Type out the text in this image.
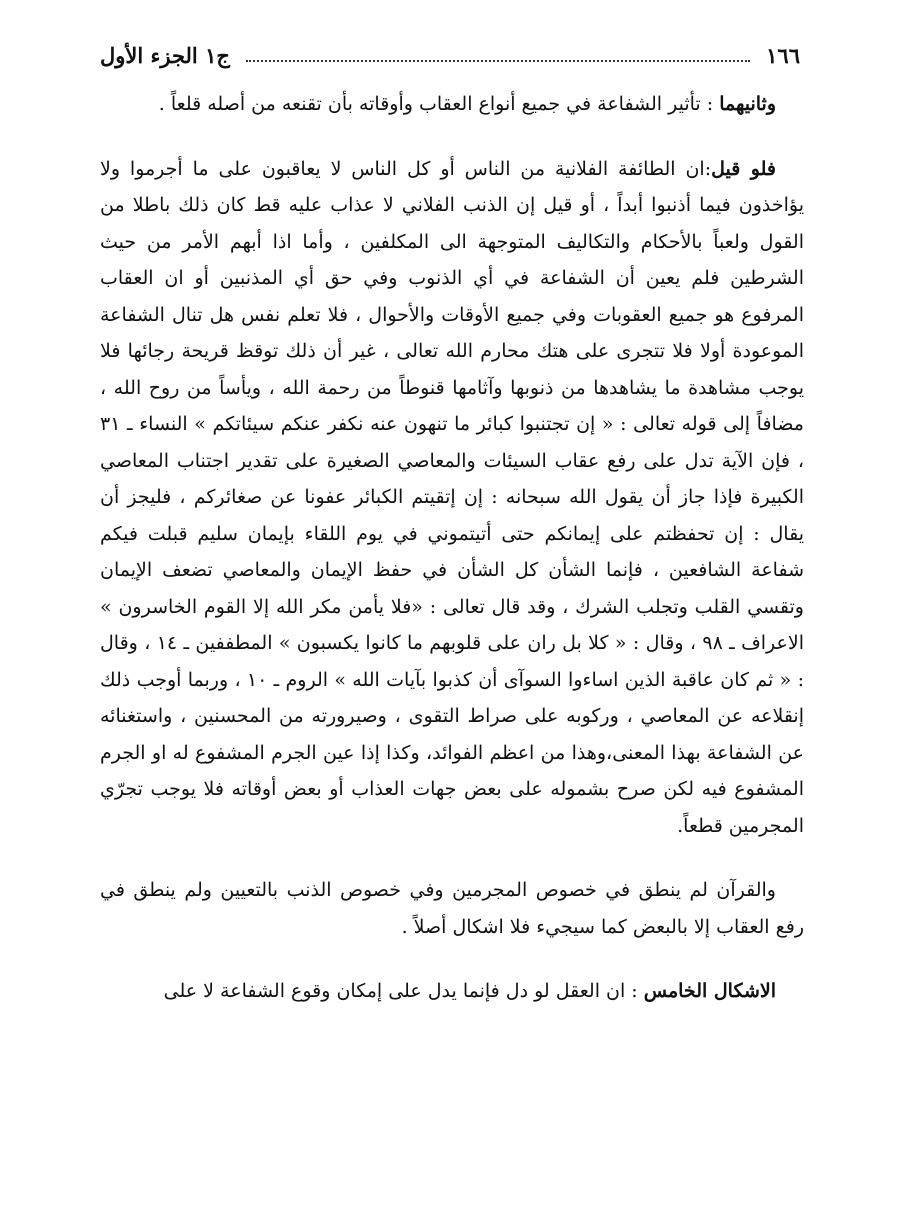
١٦٦
ج١ الجزء الأول

وثانيهما : تأثير الشفاعة في جميع أنواع العقاب وأوقاته بأن تقنعه من أصله قلعاً .

فلو قيل:ان الطائفة الفلانية من الناس أو كل الناس لا يعاقبون على ما أجرموا ولا يؤاخذون فيما أذنبوا أبداً ، أو قيل إن الذنب الفلاني لا عذاب عليه قط كان ذلك باطلا من القول ولعباً بالأحكام والتكاليف المتوجهة الى المكلفين ، وأما اذا أبهم الأمر من حيث الشرطين فلم يعين أن الشفاعة في أي الذنوب وفي حق أي المذنبين أو ان العقاب المرفوع هو جميع العقوبات وفي جميع الأوقات والأحوال ، فلا تعلم نفس هل تنال الشفاعة الموعودة أولا فلا تتجرى على هتك محارم الله تعالى ، غير أن ذلك توقظ قريحة رجائها فلا يوجب مشاهدة ما يشاهدها من ذنوبها وآثامها قنوطاً من رحمة الله ، ويأساً من روح الله ، مضافاً إلى قوله تعالى : « إن تجتنبوا كبائر ما تنهون عنه نكفر عنكم سيئاتكم » النساء ـ ٣١ ، فإن الآية تدل على رفع عقاب السيئات والمعاصي الصغيرة على تقدير اجتناب المعاصي الكبيرة فإذا جاز أن يقول الله سبحانه : إن إتقيتم الكبائر عفونا عن صغائركم ، فليجز أن يقال : إن تحفظتم على إيمانكم حتى أتيتموني في يوم اللقاء بإيمان سليم قبلت فيكم شفاعة الشافعين ، فإنما الشأن كل الشأن في حفظ الإيمان والمعاصي تضعف الإيمان وتقسي القلب وتجلب الشرك ، وقد قال تعالى : «فلا يأمن مكر الله إلا القوم الخاسرون » الاعراف ـ ٩٨ ، وقال : « كلا بل ران على قلوبهم ما كانوا يكسبون » المطففين ـ ١٤ ، وقال : « ثم كان عاقبة الذين اساءوا السوآى أن كذبوا بآيات الله » الروم ـ ١٠ ، وربما أوجب ذلك إنقلاعه عن المعاصي ، وركوبه على صراط التقوى ، وصيرورته من المحسنين ، واستغنائه عن الشفاعة بهذا المعنى،وهذا من اعظم الفوائد، وكذا إذا عين الجرم المشفوع له او الجرم المشفوع فيه لكن صرح بشموله على بعض جهات العذاب أو بعض أوقاته فلا يوجب تجرّي المجرمين قطعاً.

والقرآن لم ينطق في خصوص المجرمين وفي خصوص الذنب بالتعيين ولم ينطق في رفع العقاب إلا بالبعض كما سيجيء فلا اشكال أصلاً .

الاشكال الخامس : ان العقل لو دل فإنما يدل على إمكان وقوع الشفاعة لا على
